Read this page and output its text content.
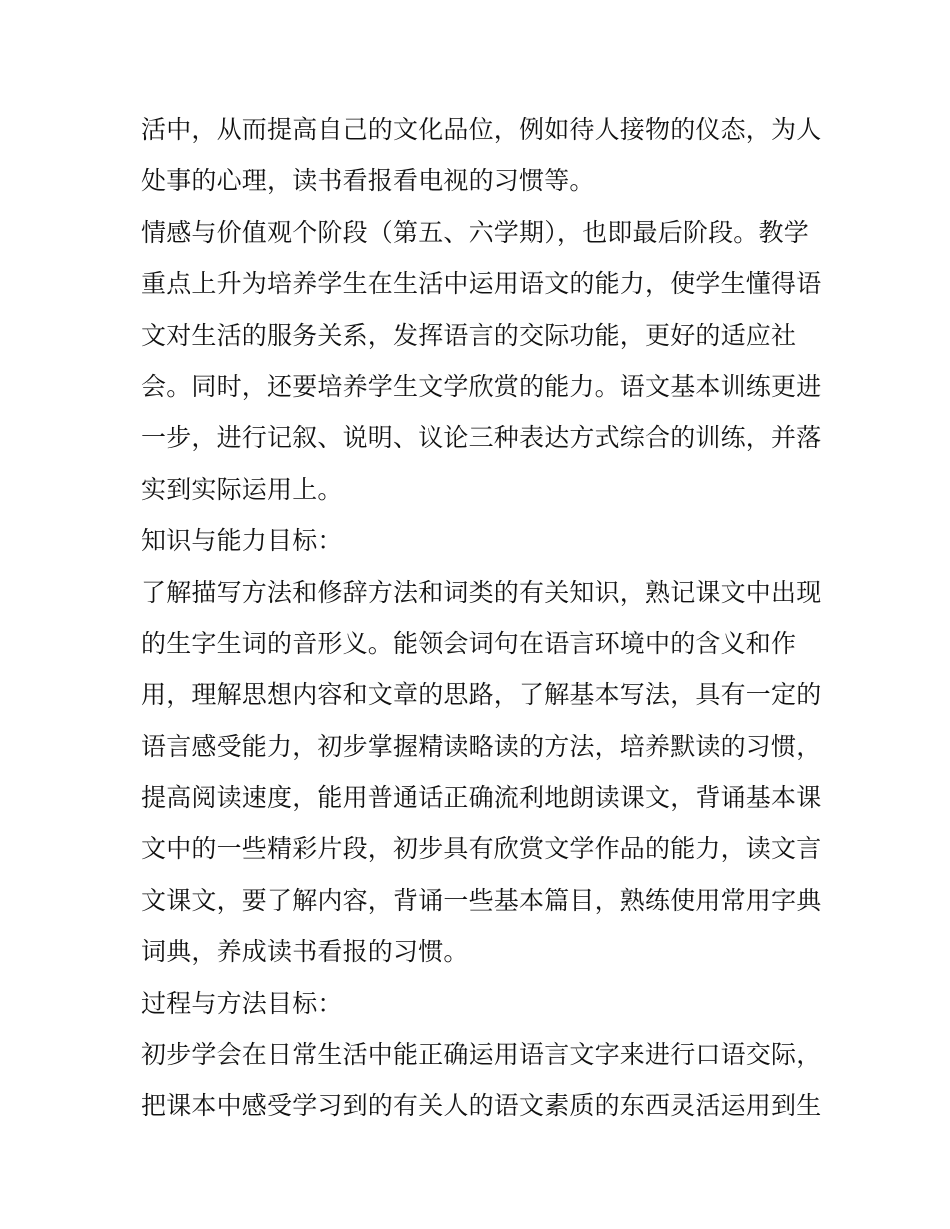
活中，从而提高自己的文化品位，例如待人接物的仪态，为人
处事的心理，读书看报看电视的习惯等。
情感与价值观个阶段（第五、六学期），也即最后阶段。教学
重点上升为培养学生在生活中运用语文的能力，使学生懂得语
文对生活的服务关系，发挥语言的交际功能，更好的适应社
会。同时，还要培养学生文学欣赏的能力。语文基本训练更进
一步，进行记叙、说明、议论三种表达方式综合的训练，并落
实到实际运用上。
知识与能力目标：
了解描写方法和修辞方法和词类的有关知识，熟记课文中出现
的生字生词的音形义。能领会词句在语言环境中的含义和作
用，理解思想内容和文章的思路，了解基本写法，具有一定的
语言感受能力，初步掌握精读略读的方法，培养默读的习惯，
提高阅读速度，能用普通话正确流利地朗读课文，背诵基本课
文中的一些精彩片段，初步具有欣赏文学作品的能力，读文言
文课文，要了解内容，背诵一些基本篇目，熟练使用常用字典
词典，养成读书看报的习惯。
过程与方法目标：
初步学会在日常生活中能正确运用语言文字来进行口语交际，
把课本中感受学习到的有关人的语文素质的东西灵活运用到生
